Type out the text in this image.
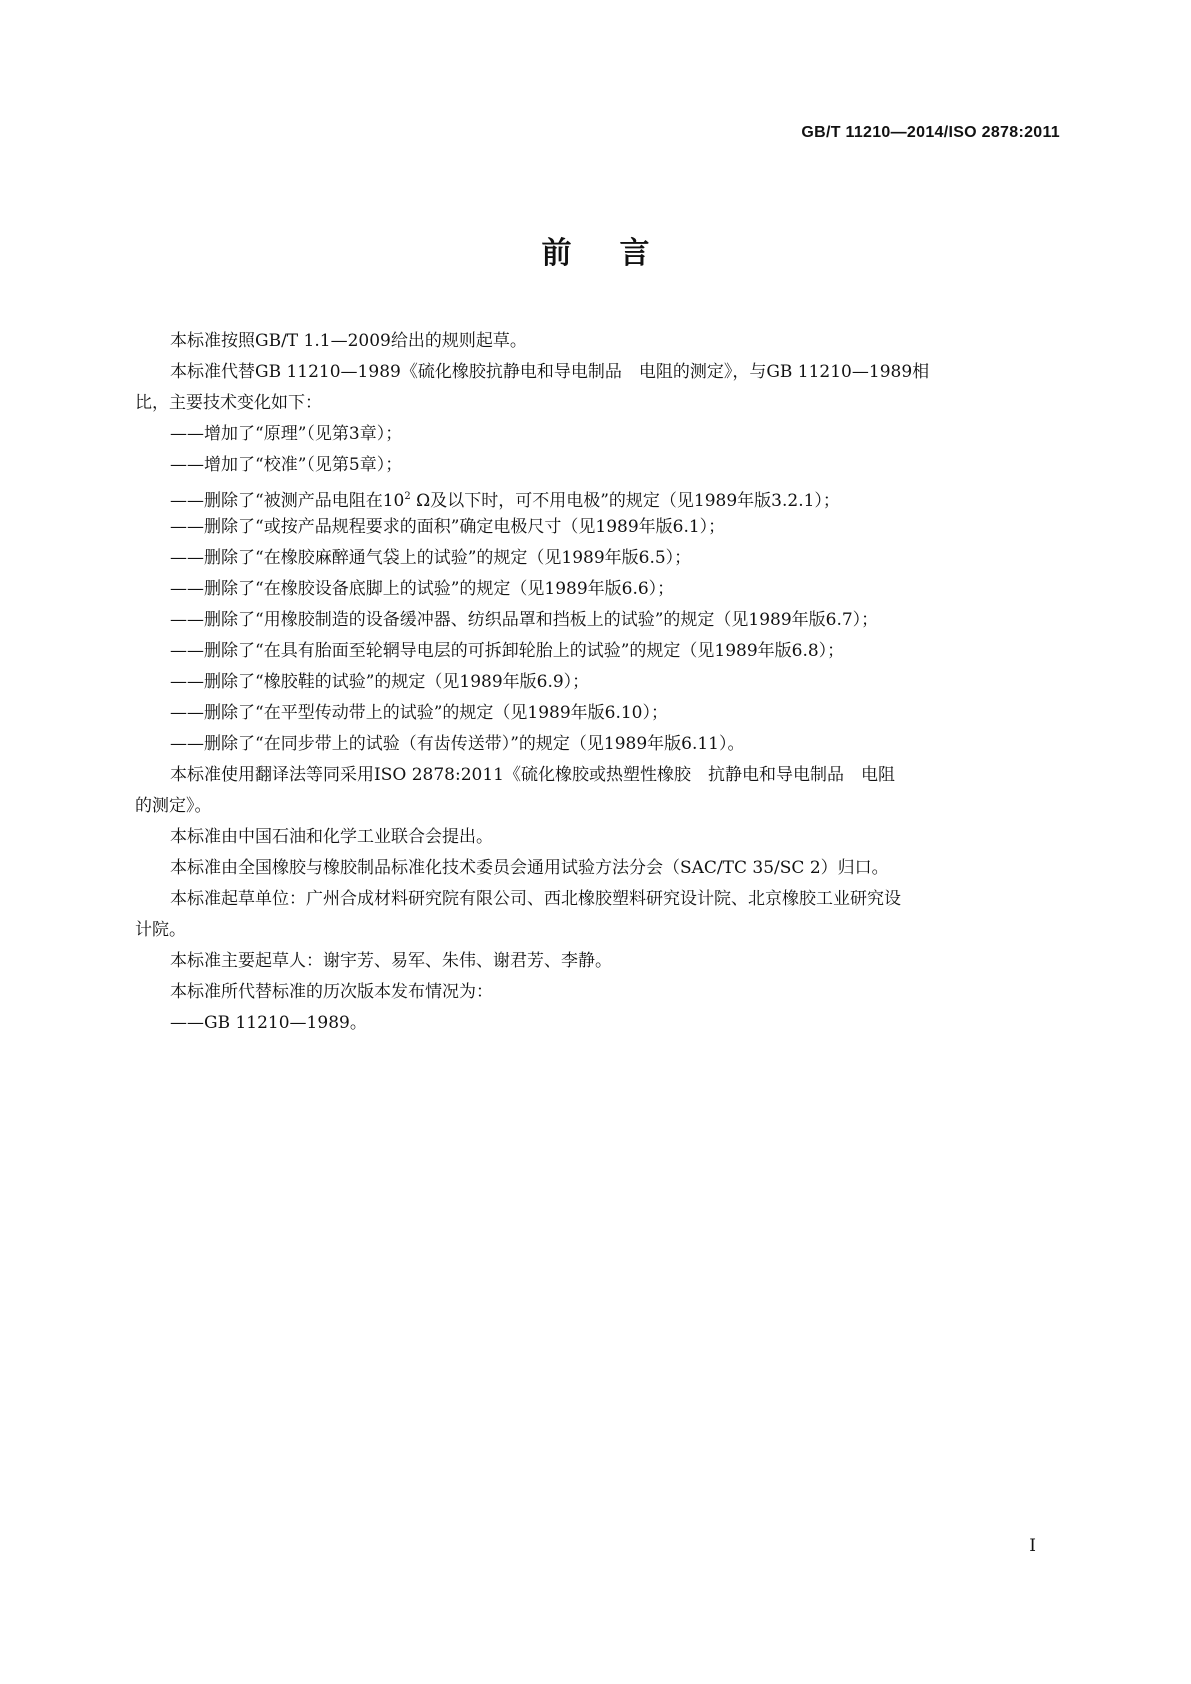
GB/T 11210—2014/ISO 2878:2011
前言
本标准按照GB/T 1.1—2009给出的规则起草。
本标准代替GB 11210—1989《硫化橡胶抗静电和导电制品　电阻的测定》，与GB 11210—1989相
比，主要技术变化如下：
——增加了“原理”（见第3章）；
——增加了“校准”（见第5章）；
——删除了“被测产品电阻在$10^2$ Ω及以下时，可不用电极”的规定（见1989年版3.2.1）；
——删除了“或按产品规程要求的面积”确定电极尺寸（见1989年版6.1）；
——删除了“在橡胶麻醉通气袋上的试验”的规定（见1989年版6.5）；
——删除了“在橡胶设备底脚上的试验”的规定（见1989年版6.6）；
——删除了“用橡胶制造的设备缓冲器、纺织品罩和挡板上的试验”的规定（见1989年版6.7）；
——删除了“在具有胎面至轮辋导电层的可拆卸轮胎上的试验”的规定（见1989年版6.8）；
——删除了“橡胶鞋的试验”的规定（见1989年版6.9）；
——删除了“在平型传动带上的试验”的规定（见1989年版6.10）；
——删除了“在同步带上的试验（有齿传送带）”的规定（见1989年版6.11）。
本标准使用翻译法等同采用ISO 2878:2011《硫化橡胶或热塑性橡胶　抗静电和导电制品　电阻
的测定》。
本标准由中国石油和化学工业联合会提出。
本标准由全国橡胶与橡胶制品标准化技术委员会通用试验方法分会（SAC/TC 35/SC 2）归口。
本标准起草单位：广州合成材料研究院有限公司、西北橡胶塑料研究设计院、北京橡胶工业研究设
计院。
本标准主要起草人：谢宇芳、易军、朱伟、谢君芳、李静。
本标准所代替标准的历次版本发布情况为：
——GB 11210—1989。
I
